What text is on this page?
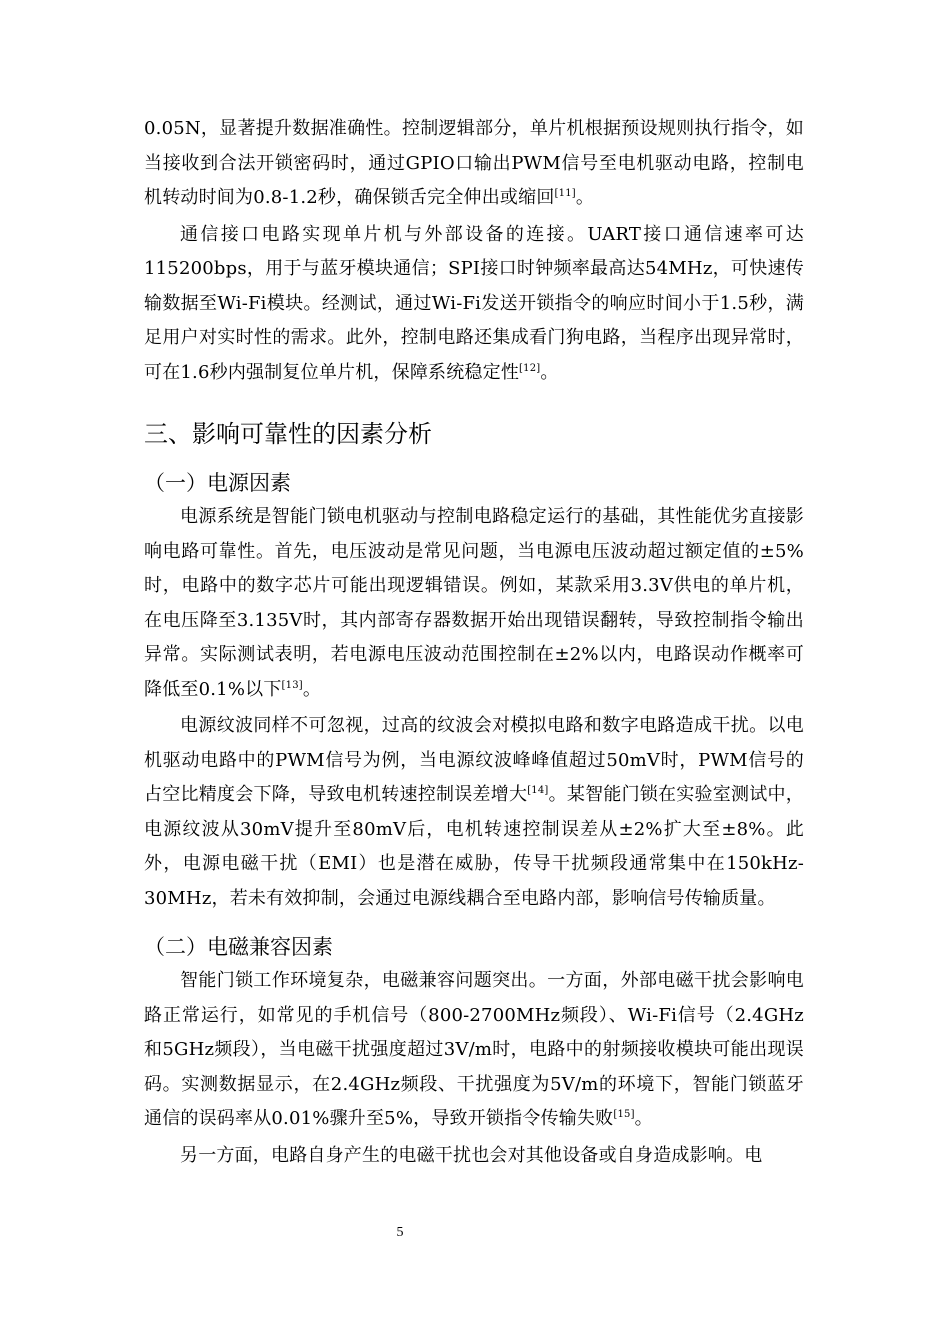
0.05N，显著提升数据准确性。控制逻辑部分，单片机根据预设规则执行指令，如当接收到合法开锁密码时，通过GPIO口输出PWM信号至电机驱动电路，控制电机转动时间为0.8-1.2秒，确保锁舌完全伸出或缩回[11]。

通信接口电路实现单片机与外部设备的连接。UART接口通信速率可达115200bps，用于与蓝牙模块通信；SPI接口时钟频率最高达54MHz，可快速传输数据至Wi-Fi模块。经测试，通过Wi-Fi发送开锁指令的响应时间小于1.5秒，满足用户对实时性的需求。此外，控制电路还集成看门狗电路，当程序出现异常时，可在1.6秒内强制复位单片机，保障系统稳定性[12]。

三、影响可靠性的因素分析
（一）电源因素

电源系统是智能门锁电机驱动与控制电路稳定运行的基础，其性能优劣直接影响电路可靠性。首先，电压波动是常见问题，当电源电压波动超过额定值的±5%时，电路中的数字芯片可能出现逻辑错误。例如，某款采用3.3V供电的单片机，在电压降至3.135V时，其内部寄存器数据开始出现错误翻转，导致控制指令输出异常。实际测试表明，若电源电压波动范围控制在±2%以内，电路误动作概率可降低至0.1%以下[13]。

电源纹波同样不可忽视，过高的纹波会对模拟电路和数字电路造成干扰。以电机驱动电路中的PWM信号为例，当电源纹波峰峰值超过50mV时，PWM信号的占空比精度会下降，导致电机转速控制误差增大[14]。某智能门锁在实验室测试中，电源纹波从30mV提升至80mV后，电机转速控制误差从±2%扩大至±8%。此外，电源电磁干扰（EMI）也是潜在威胁，传导干扰频段通常集中在150kHz-30MHz，若未有效抑制，会通过电源线耦合至电路内部，影响信号传输质量。

（二）电磁兼容因素

智能门锁工作环境复杂，电磁兼容问题突出。一方面，外部电磁干扰会影响电路正常运行，如常见的手机信号（800-2700MHz频段）、Wi-Fi信号（2.4GHz和5GHz频段），当电磁干扰强度超过3V/m时，电路中的射频接收模块可能出现误码。实测数据显示，在2.4GHz频段、干扰强度为5V/m的环境下，智能门锁蓝牙通信的误码率从0.01%骤升至5%，导致开锁指令传输失败[15]。

另一方面，电路自身产生的电磁干扰也会对其他设备或自身造成影响。电

5
